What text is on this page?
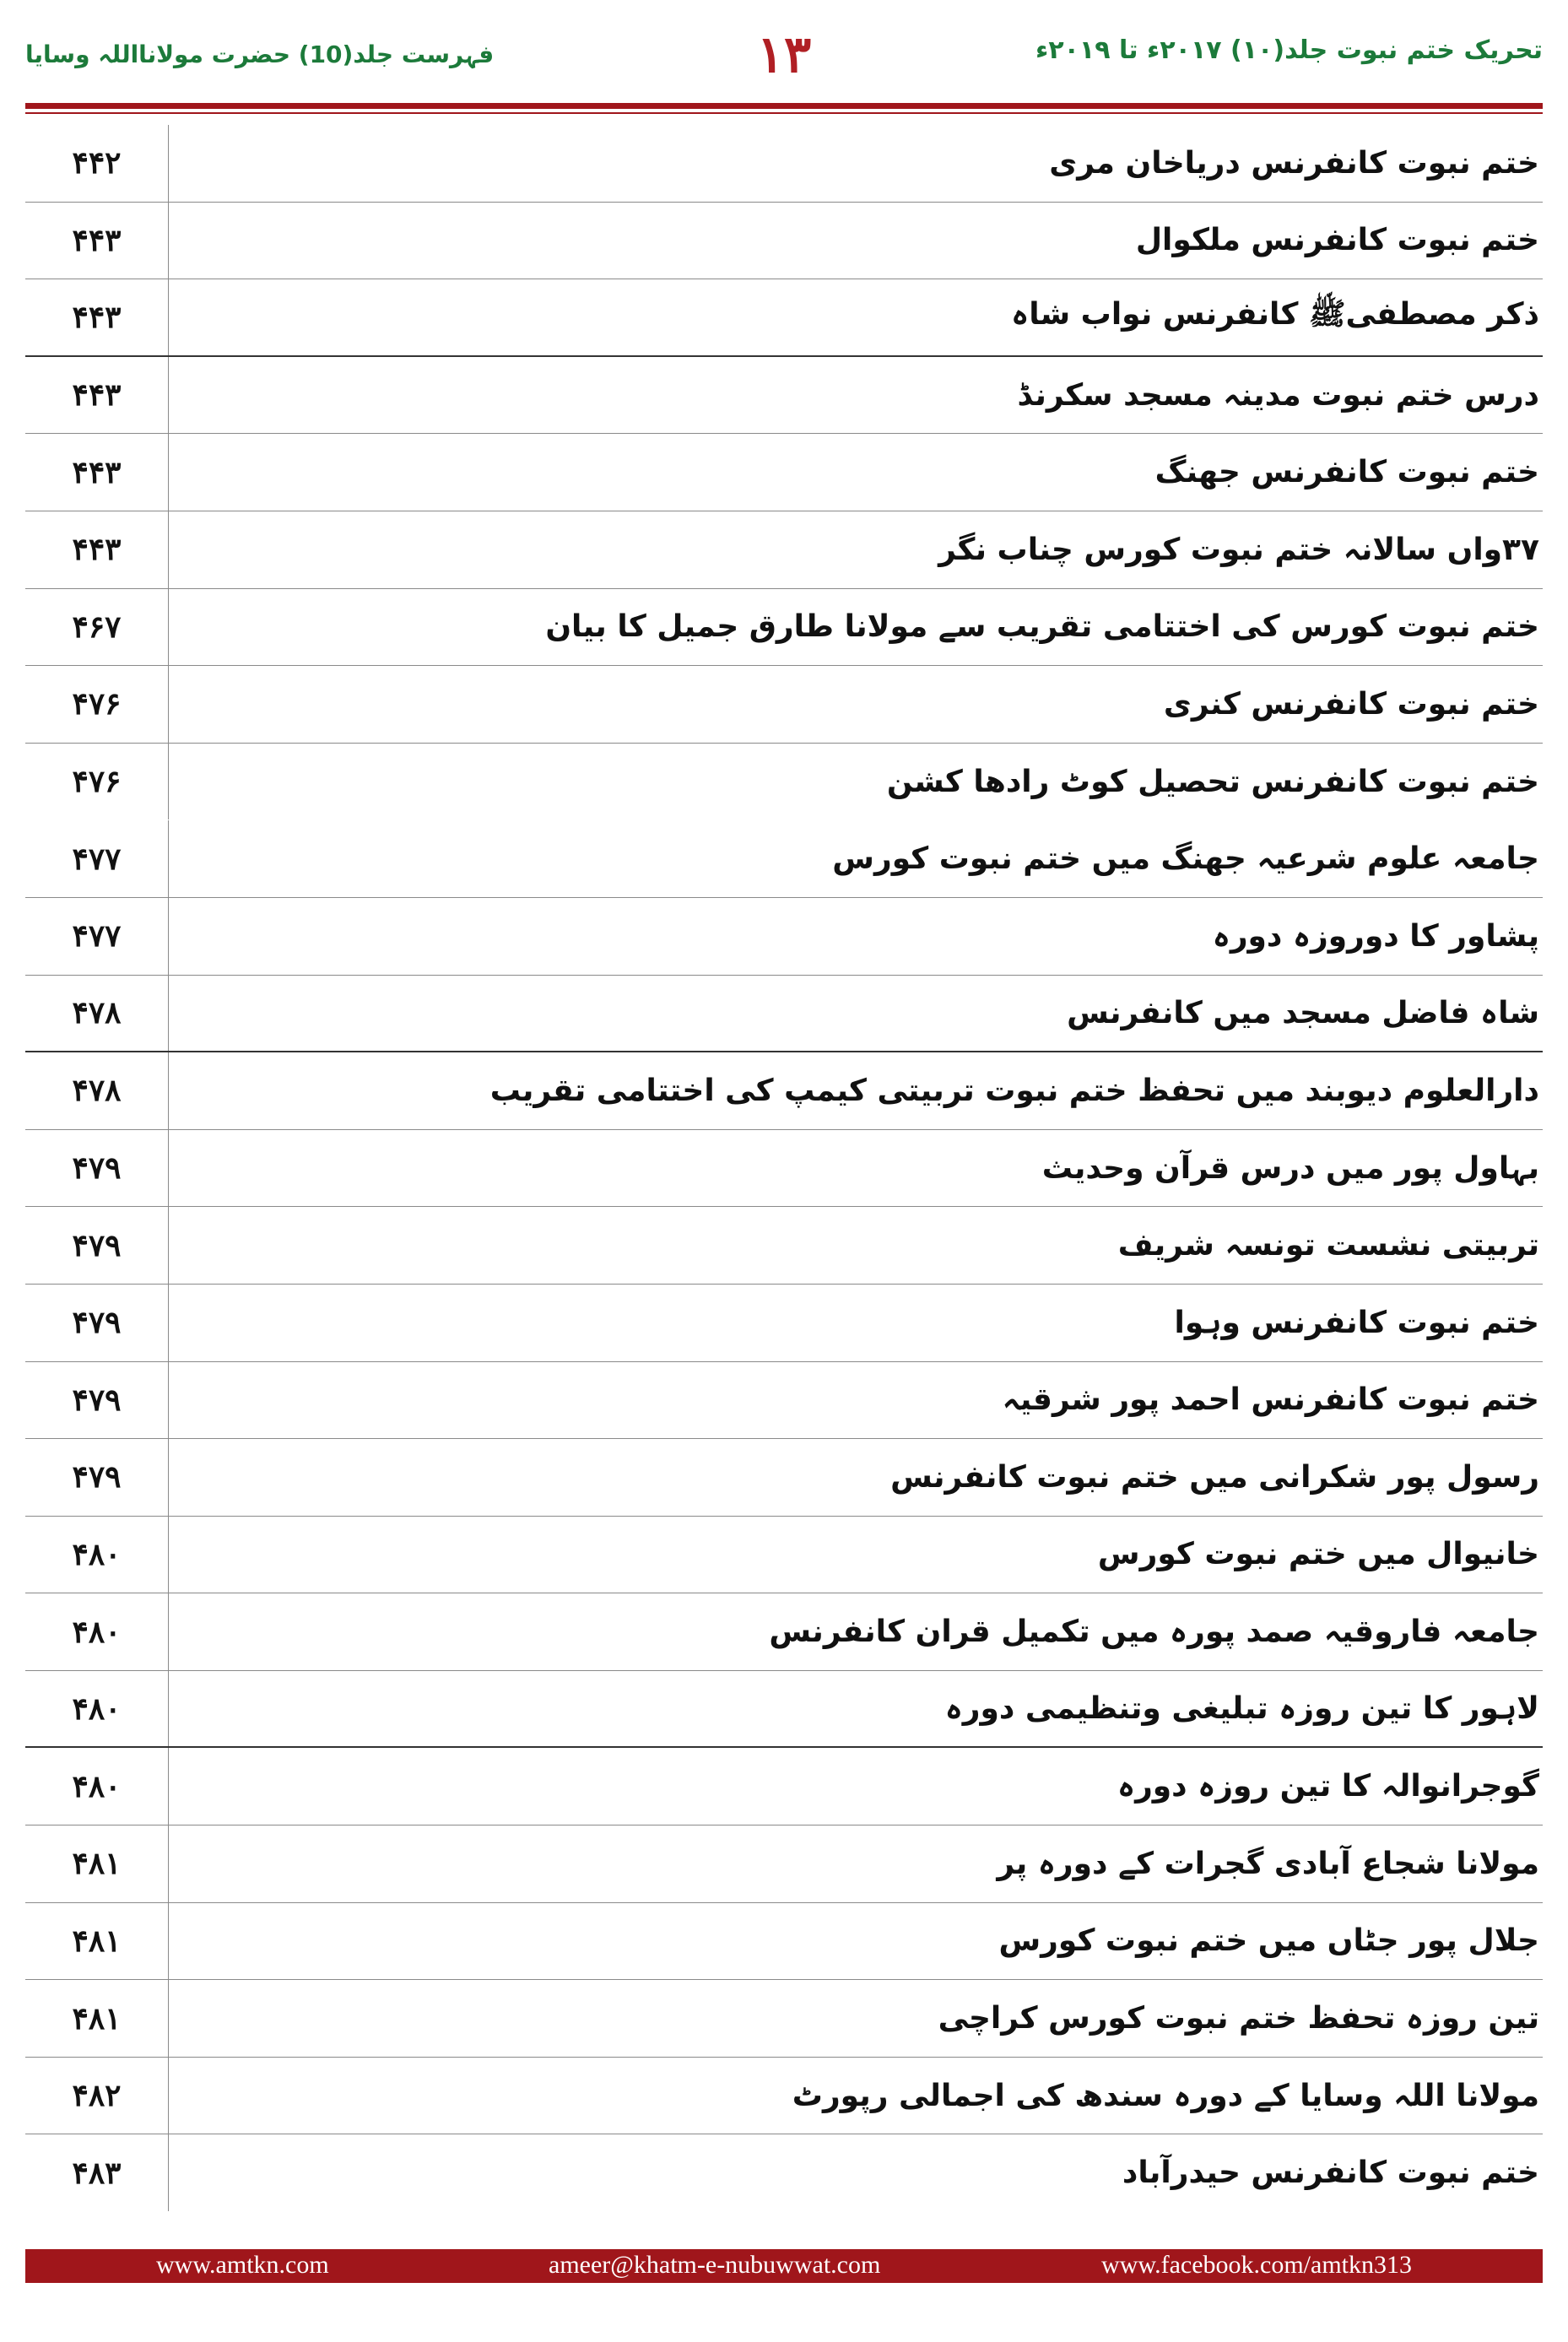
تحریک ختم نبوت جلد(۱۰) ۲۰۱۷ء تا ۲۰۱۹ء
۱۳
فہرست جلد(10) حضرت مولانااللہ وسایا
۴۴۲	ختم نبوت کانفرنس دریاخان مری
۴۴۳	ختم نبوت کانفرنس ملکوال
۴۴۳	ذکر مصطفیﷺ کانفرنس نواب شاہ
۴۴۳	درس ختم نبوت مدینہ مسجد سکرنڈ
۴۴۳	ختم نبوت کانفرنس جھنگ
۴۴۳	۳۷واں سالانہ ختم نبوت کورس چناب نگر
۴۶۷	ختم نبوت کورس کی اختتامی تقریب سے مولانا طارق جمیل کا بیان
۴۷۶	ختم نبوت کانفرنس کنری
۴۷۶	ختم نبوت کانفرنس تحصیل کوٹ رادھا کشن
۴۷۷	جامعہ علوم شرعیہ جھنگ میں ختم نبوت کورس
۴۷۷	پشاور کا دوروزہ دورہ
۴۷۸	شاہ فاضل مسجد میں کانفرنس
۴۷۸	دارالعلوم دیوبند میں تحفظ ختم نبوت تربیتی کیمپ کی اختتامی تقریب
۴۷۹	بہاول پور میں درس قرآن وحدیث
۴۷۹	تربیتی نشست تونسہ شریف
۴۷۹	ختم نبوت کانفرنس وہوا
۴۷۹	ختم نبوت کانفرنس احمد پور شرقیہ
۴۷۹	رسول پور شکرانی میں ختم نبوت کانفرنس
۴۸۰	خانیوال میں ختم نبوت کورس
۴۸۰	جامعہ فاروقیہ صمد پورہ میں تکمیل قران کانفرنس
۴۸۰	لاہور کا تین روزہ تبلیغی وتنظیمی دورہ
۴۸۰	گوجرانوالہ کا تین روزہ دورہ
۴۸۱	مولانا شجاع آبادی گجرات کے دورہ پر
۴۸۱	جلال پور جٹاں میں ختم نبوت کورس
۴۸۱	تین روزہ تحفظ ختم نبوت کورس کراچی
۴۸۲	مولانا اللہ وسایا کے دورہ سندھ کی اجمالی رپورٹ
۴۸۳	ختم نبوت کانفرنس حیدرآباد
www.amtkn.com	ameer@khatm-e-nubuwwat.com	www.facebook.com/amtkn313
